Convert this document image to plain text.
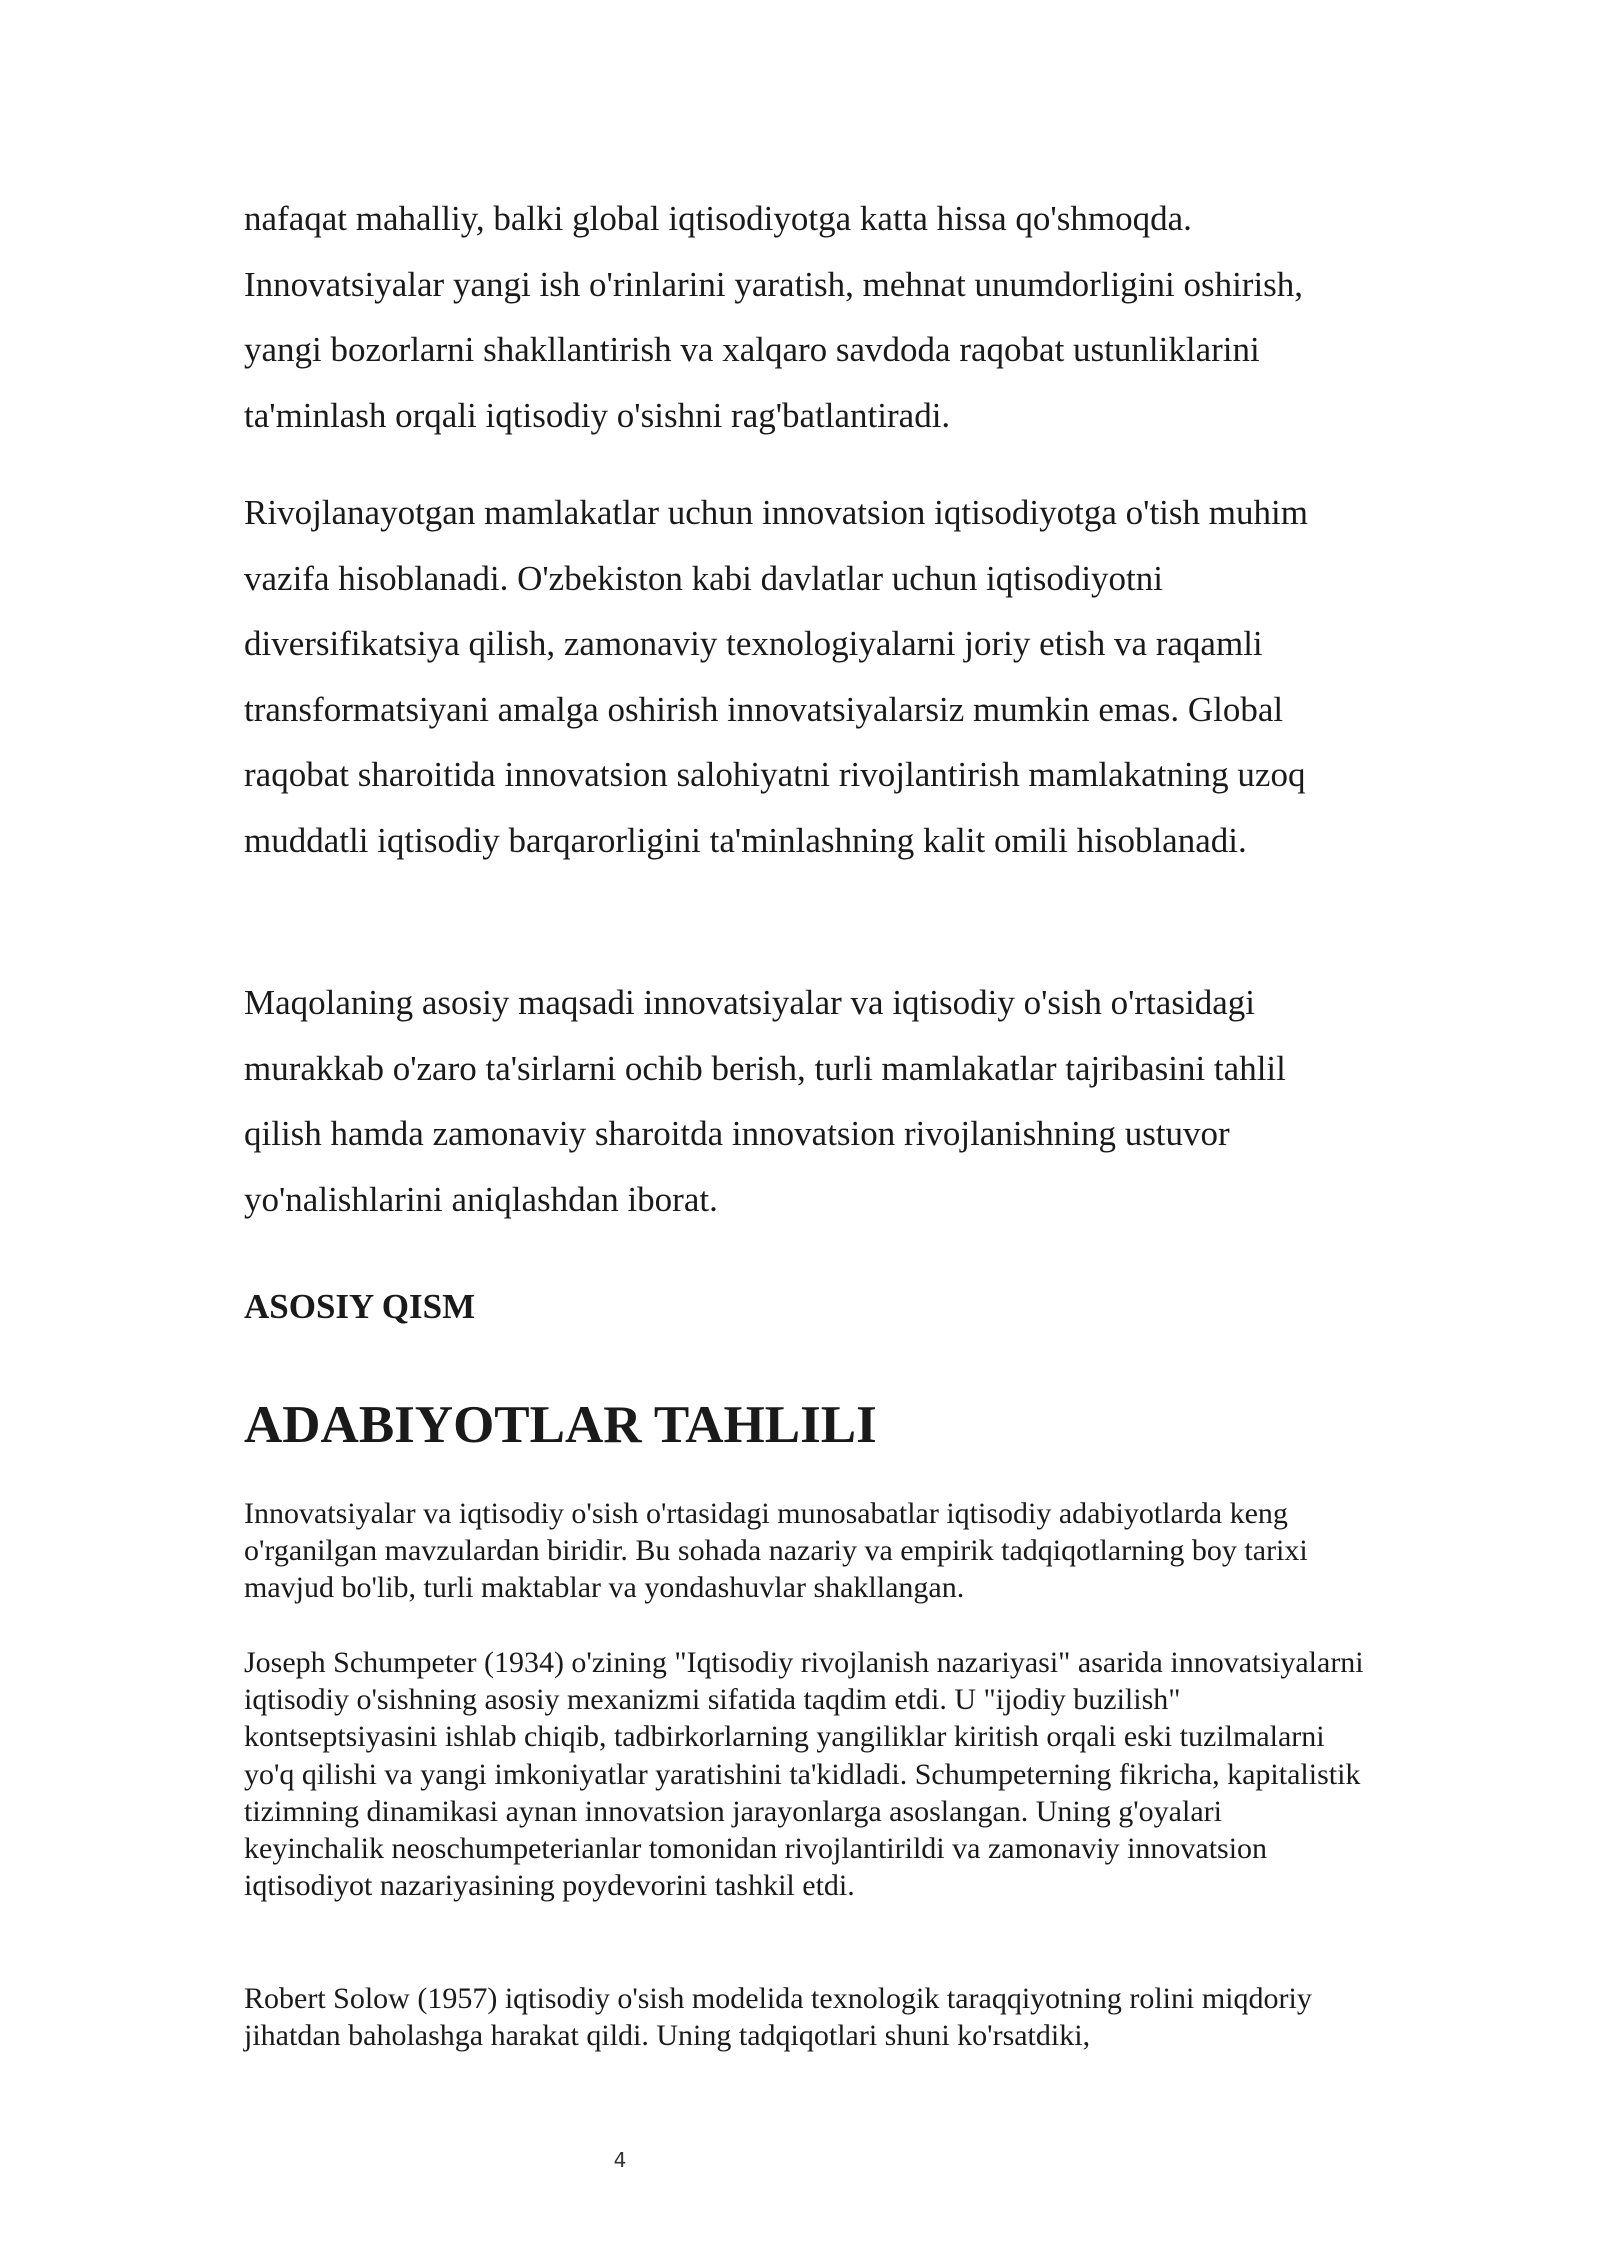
nafaqat mahalliy, balki global iqtisodiyotga katta hissa qo'shmoqda. Innovatsiyalar yangi ish o'rinlarini yaratish, mehnat unumdorligini oshirish, yangi bozorlarni shakllantirish va xalqaro savdoda raqobat ustunliklarini ta'minlash orqali iqtisodiy o'sishni rag'batlantiradi.

Rivojlanayotgan mamlakatlar uchun innovatsion iqtisodiyotga o'tish muhim vazifa hisoblanadi. O'zbekiston kabi davlatlar uchun iqtisodiyotni diversifikatsiya qilish, zamonaviy texnologiyalarni joriy etish va raqamli transformatsiyani amalga oshirish innovatsiyalarsiz mumkin emas. Global raqobat sharoitida innovatsion salohiyatni rivojlantirish mamlakatning uzoq muddatli iqtisodiy barqarorligini ta'minlashning kalit omili hisoblanadi.

Maqolaning asosiy maqsadi innovatsiyalar va iqtisodiy o'sish o'rtasidagi murakkab o'zaro ta'sirlarni ochib berish, turli mamlakatlar tajribasini tahlil qilish hamda zamonaviy sharoitda innovatsion rivojlanishning ustuvor yo'nalishlarini aniqlashdan iborat.

ASOSIY QISM
ADABIYOTLAR TAHLILI

Innovatsiyalar va iqtisodiy o'sish o'rtasidagi munosabatlar iqtisodiy adabiyotlarda keng o'rganilgan mavzulardan biridir. Bu sohada nazariy va empirik tadqiqotlarning boy tarixi mavjud bo'lib, turli maktablar va yondashuvlar shakllangan.

Joseph Schumpeter (1934) o'zining "Iqtisodiy rivojlanish nazariyasi" asarida innovatsiyalarni iqtisodiy o'sishning asosiy mexanizmi sifatida taqdim etdi. U "ijodiy buzilish" kontseptsiyasini ishlab chiqib, tadbirkorlarning yangiliklar kiritish orqali eski tuzilmalarni yo'q qilishi va yangi imkoniyatlar yaratishini ta'kidladi. Schumpeterning fikricha, kapitalistik tizimning dinamikasi aynan innovatsion jarayonlarga asoslangan. Uning g'oyalari keyinchalik neoschumpeterianlar tomonidan rivojlantirildi va zamonaviy innovatsion iqtisodiyot nazariyasining poydevorini tashkil etdi.

Robert Solow (1957) iqtisodiy o'sish modelida texnologik taraqqiyotning rolini miqdoriy jihatdan baholashga harakat qildi. Uning tadqiqotlari shuni ko'rsatdiki,

4
